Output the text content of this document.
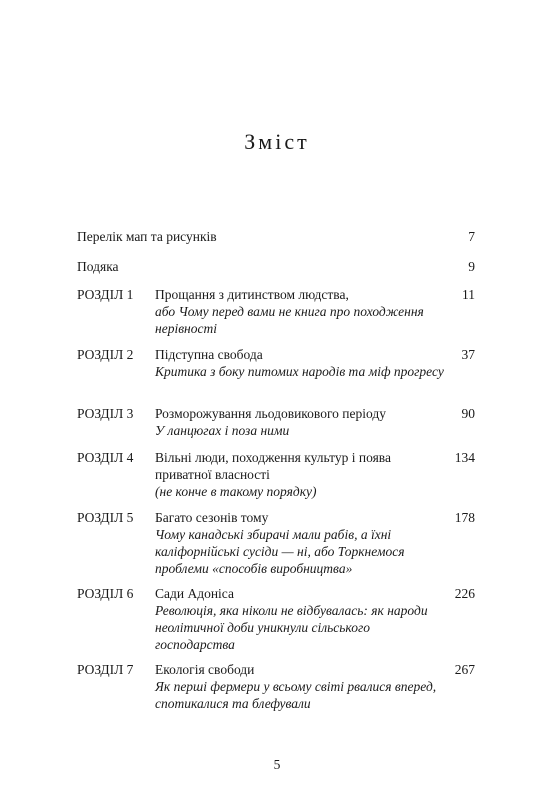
Зміст
Перелік мап та рисунків	7
Подяка	9
РОЗДІЛ 1 Прощання з дитинством людства,
або Чому перед вами не книга про походження нерівності
11
РОЗДІЛ 2 Підступна свобода
Критика з боку питомих народів та міф прогресу
37
РОЗДІЛ 3 Розморожування льодовикового періоду
У ланцюгах і поза ними
90
РОЗДІЛ 4 Вільні люди, походження культур і поява приватної власності
(не конче в такому порядку)
134
РОЗДІЛ 5 Багато сезонів тому
Чому канадські збирачі мали рабів, а їхні каліфорнійські сусіди — ні, або Торкнемося проблеми «способів виробництва»
178
РОЗДІЛ 6 Сади Адоніса
Революція, яка ніколи не відбувалась: як народи неолітичної доби уникнули сільського господарства
226
РОЗДІЛ 7 Екологія свободи
Як перші фермери у всьому світі рвалися вперед, спотикалися та блефували
267
5
